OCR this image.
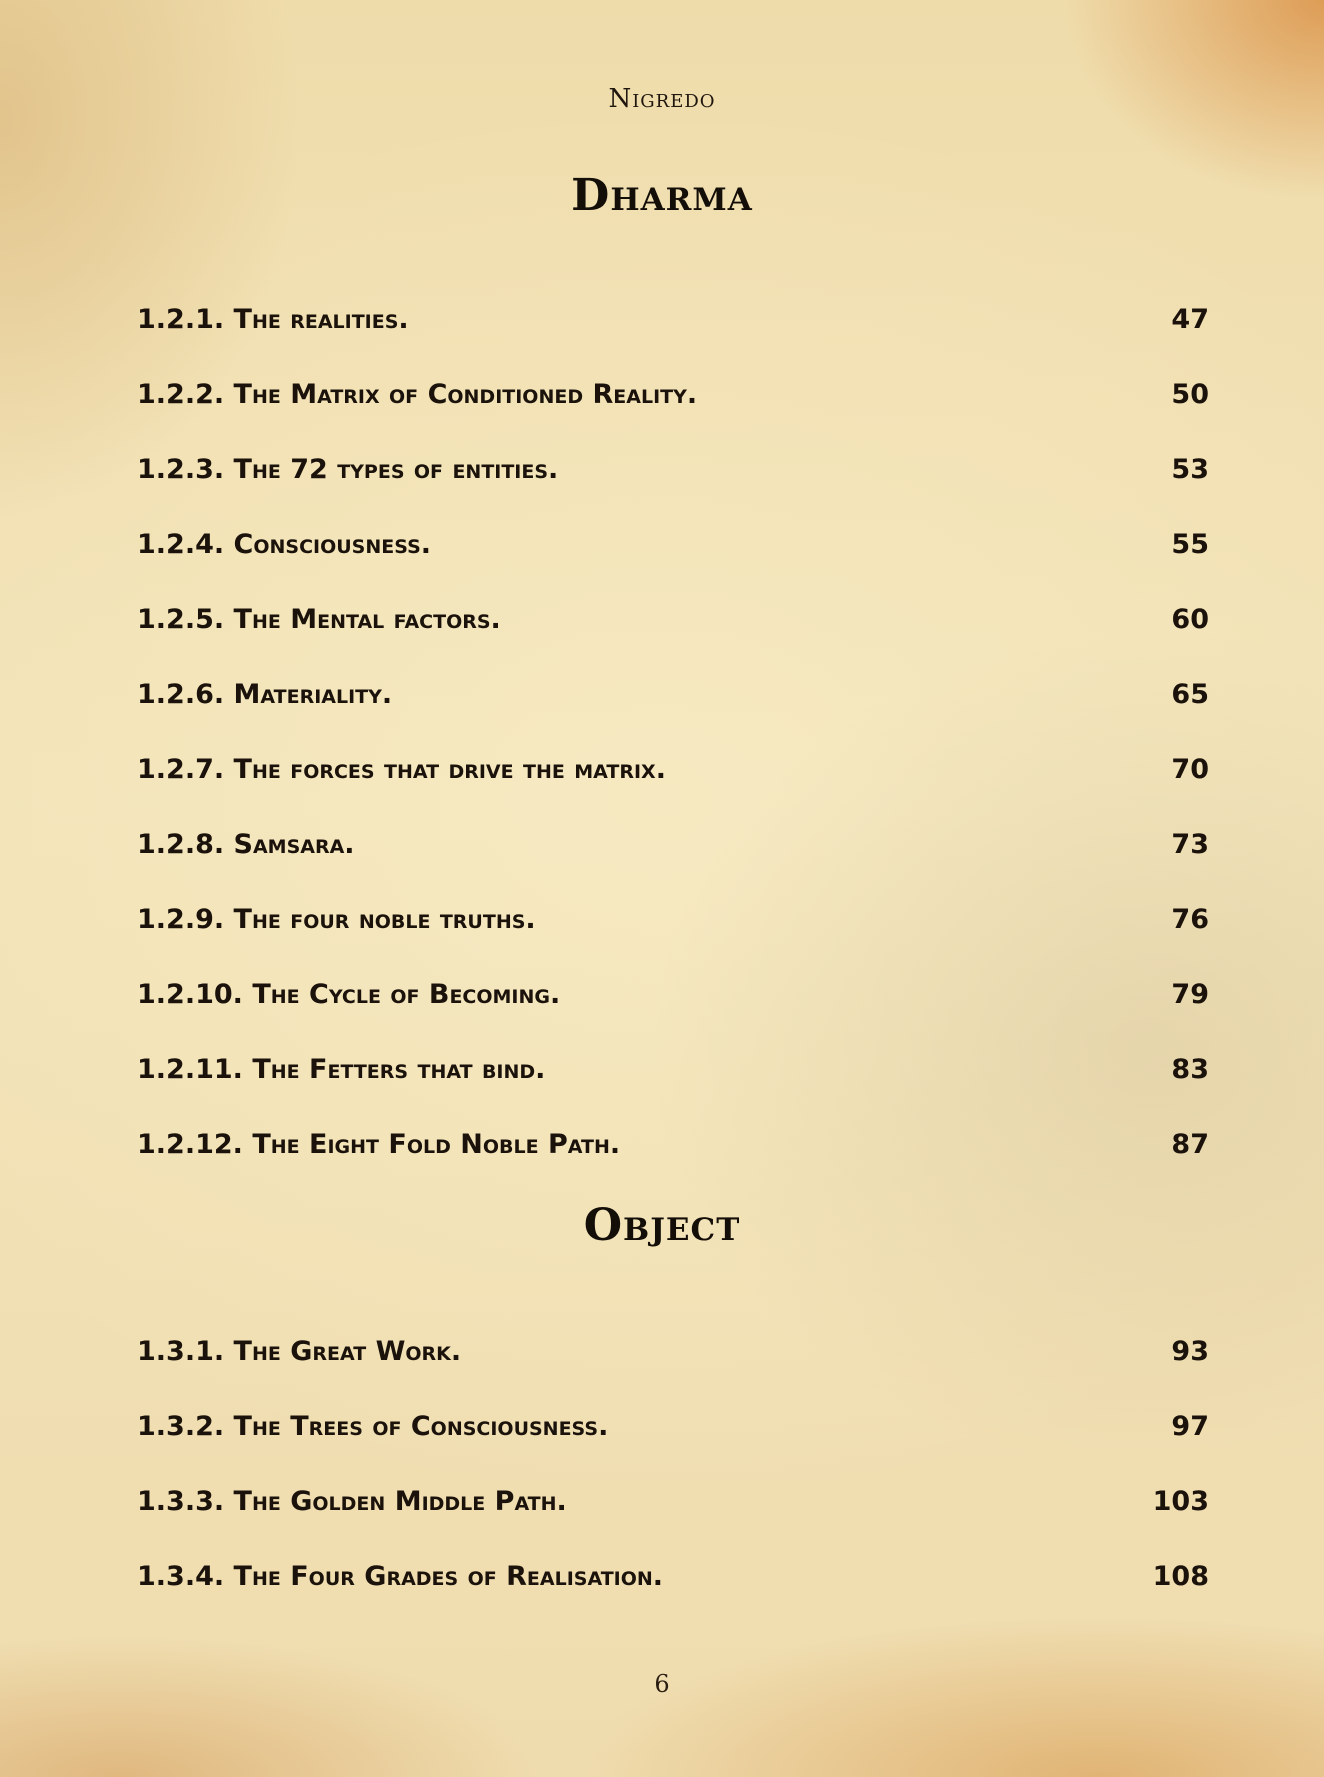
Nigredo
Dharma
1.2.1. The realities.	47
1.2.2. The Matrix of Conditioned Reality.	50
1.2.3. The 72 types of entities.	53
1.2.4. Consciousness.	55
1.2.5. The Mental factors.	60
1.2.6. Materiality.	65
1.2.7. The forces that drive the matrix.	70
1.2.8. Samsara.	73
1.2.9. The four noble truths.	76
1.2.10. The Cycle of Becoming.	79
1.2.11. The Fetters that bind.	83
1.2.12. The Eight Fold Noble Path.	87
Object
1.3.1. The Great Work.	93
1.3.2. The Trees of Consciousness.	97
1.3.3. The Golden Middle Path.	103
1.3.4. The Four Grades of Realisation.	108
6
